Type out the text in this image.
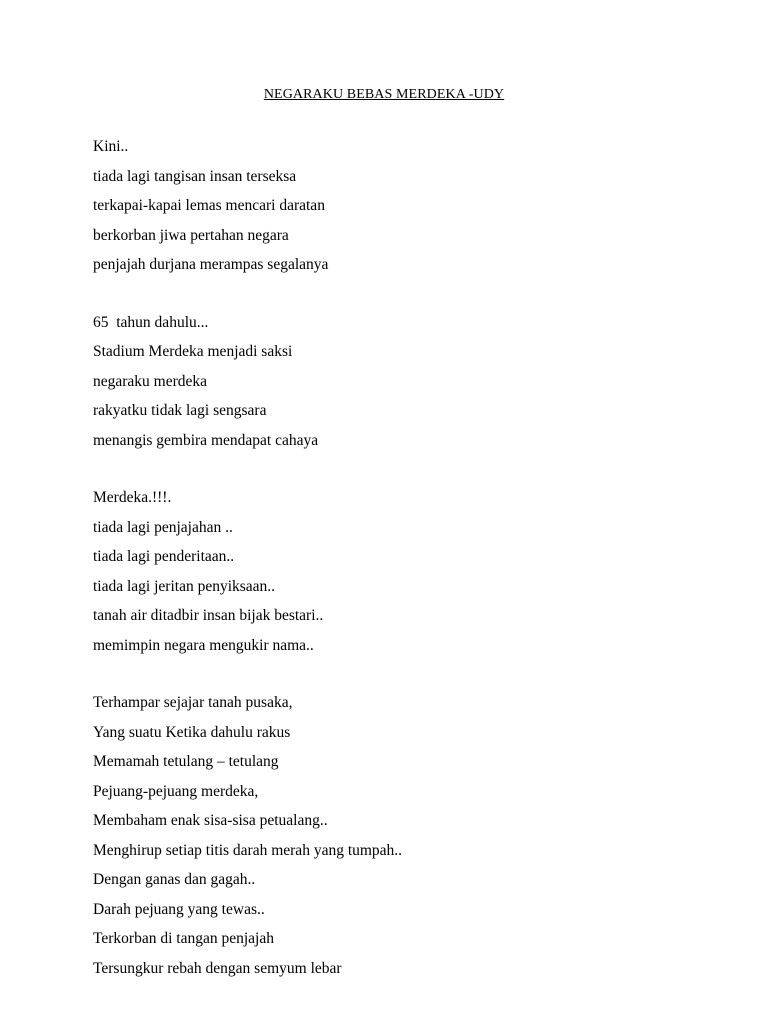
NEGARAKU BEBAS MERDEKA -UDY
Kini..
tiada lagi tangisan insan terseksa
terkapai-kapai lemas mencari daratan
berkorban jiwa pertahan negara
penjajah durjana merampas segalanya
65  tahun dahulu...
Stadium Merdeka menjadi saksi
negaraku merdeka
rakyatku tidak lagi sengsara
menangis gembira mendapat cahaya
Merdeka.!!!.
tiada lagi penjajahan ..
tiada lagi penderitaan..
tiada lagi jeritan penyiksaan..
tanah air ditadbir insan bijak bestari..
memimpin negara mengukir nama..
Terhampar sejajar tanah pusaka,
Yang suatu Ketika dahulu rakus
Memamah tetulang – tetulang
Pejuang-pejuang merdeka,
Membaham enak sisa-sisa petualang..
Menghirup setiap titis darah merah yang tumpah..
Dengan ganas dan gagah..
Darah pejuang yang tewas..
Terkorban di tangan penjajah
Tersungkur rebah dengan semyum lebar
